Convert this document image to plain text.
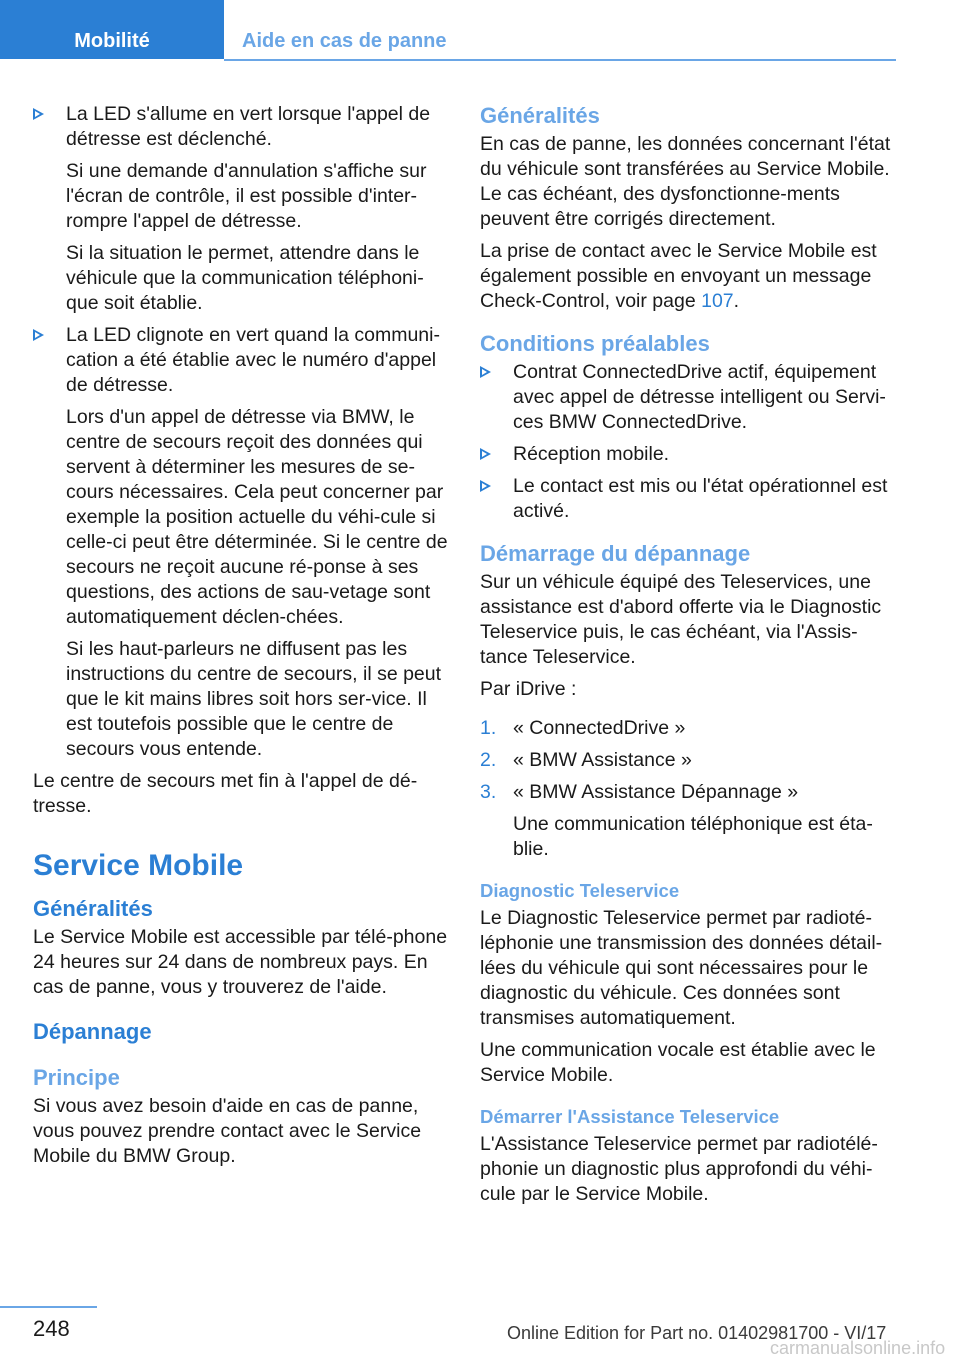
Mobilité	Aide en cas de panne

La LED s'allume en vert lorsque l'appel de détresse est déclenché.

Si une demande d'annulation s'affiche sur l'écran de contrôle, il est possible d'inter-rompre l'appel de détresse.

Si la situation le permet, attendre dans le véhicule que la communication téléphoni-que soit établie.

La LED clignote en vert quand la communi-cation a été établie avec le numéro d'appel de détresse.

Lors d'un appel de détresse via BMW, le centre de secours reçoit des données qui servent à déterminer les mesures de se-cours nécessaires. Cela peut concerner par exemple la position actuelle du véhi-cule si celle-ci peut être déterminée. Si le centre de secours ne reçoit aucune ré-ponse à ses questions, des actions de sau-vetage sont automatiquement déclen-chées.

Si les haut-parleurs ne diffusent pas les instructions du centre de secours, il se peut que le kit mains libres soit hors ser-vice. Il est toutefois possible que le centre de secours vous entende.

Le centre de secours met fin à l'appel de dé-tresse.

Service Mobile
Généralités

Le Service Mobile est accessible par télé-phone 24 heures sur 24 dans de nombreux pays. En cas de panne, vous y trouverez de l'aide.

Dépannage
Principe

Si vous avez besoin d'aide en cas de panne, vous pouvez prendre contact avec le Service Mobile du BMW Group.

Généralités

En cas de panne, les données concernant l'état du véhicule sont transférées au Service Mobile. Le cas échéant, des dysfonctionne-ments peuvent être corrigés directement.

La prise de contact avec le Service Mobile est également possible en envoyant un message Check-Control, voir page 107.

Conditions préalables

Contrat ConnectedDrive actif, équipement avec appel de détresse intelligent ou Servi-ces BMW ConnectedDrive.

Réception mobile.

Le contact est mis ou l'état opérationnel est activé.

Démarrage du dépannage

Sur un véhicule équipé des Teleservices, une assistance est d'abord offerte via le Diagnostic Teleservice puis, le cas échéant, via l'Assis-tance Teleservice.

Par iDrive :

1. « ConnectedDrive »

2. « BMW Assistance »

3. « BMW Assistance Dépannage »

Une communication téléphonique est éta-blie.

Diagnostic Teleservice

Le Diagnostic Teleservice permet par radioté-léphonie une transmission des données détail-lées du véhicule qui sont nécessaires pour le diagnostic du véhicule. Ces données sont transmises automatiquement.

Une communication vocale est établie avec le Service Mobile.

Démarrer l'Assistance Teleservice

L'Assistance Teleservice permet par radiotélé-phonie un diagnostic plus approfondi du véhi-cule par le Service Mobile.

248	Online Edition for Part no. 01402981700 - VI/17
carmanualsonline.info
